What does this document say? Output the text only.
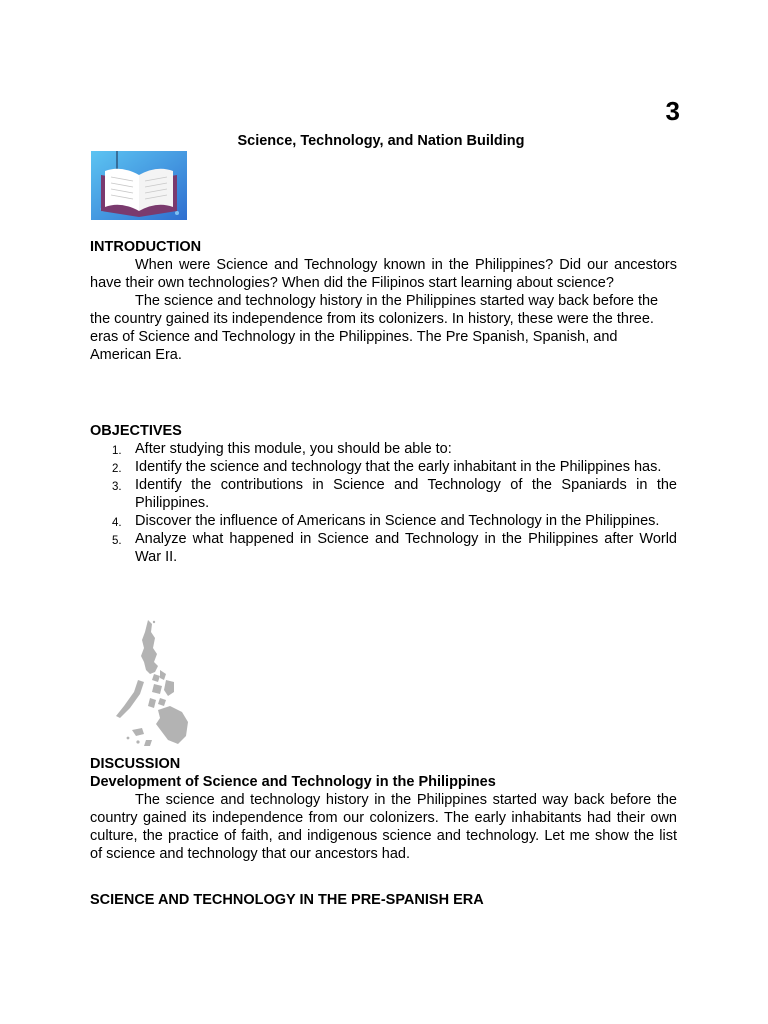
3
Science, Technology, and Nation Building

INTRODUCTION

When were Science and Technology known in the Philippines? Did our ancestors have their own technologies? When did the Filipinos start learning about science?

The science and technology history in the Philippines started way back before the

the country gained its independence from its colonizers. In history, these were the three.

eras of Science and Technology in the Philippines. The Pre Spanish, Spanish, and American Era.

OBJECTIVES

1. After studying this module, you should be able to:
2. Identify the science and technology that the early inhabitant in the Philippines has.
3. Identify the contributions in Science and Technology of the Spaniards in the Philippines.
4. Discover the influence of Americans in Science and Technology in the Philippines.
5. Analyze what happened in Science and Technology in the Philippines after World War II.

DISCUSSION

Development of Science and Technology in the Philippines

The science and technology history in the Philippines started way back before the country gained its independence from our colonizers. The early inhabitants had their own culture, the practice of faith, and indigenous science and technology. Let me show the list of science and technology that our ancestors had.

SCIENCE AND TECHNOLOGY IN THE PRE-SPANISH ERA
